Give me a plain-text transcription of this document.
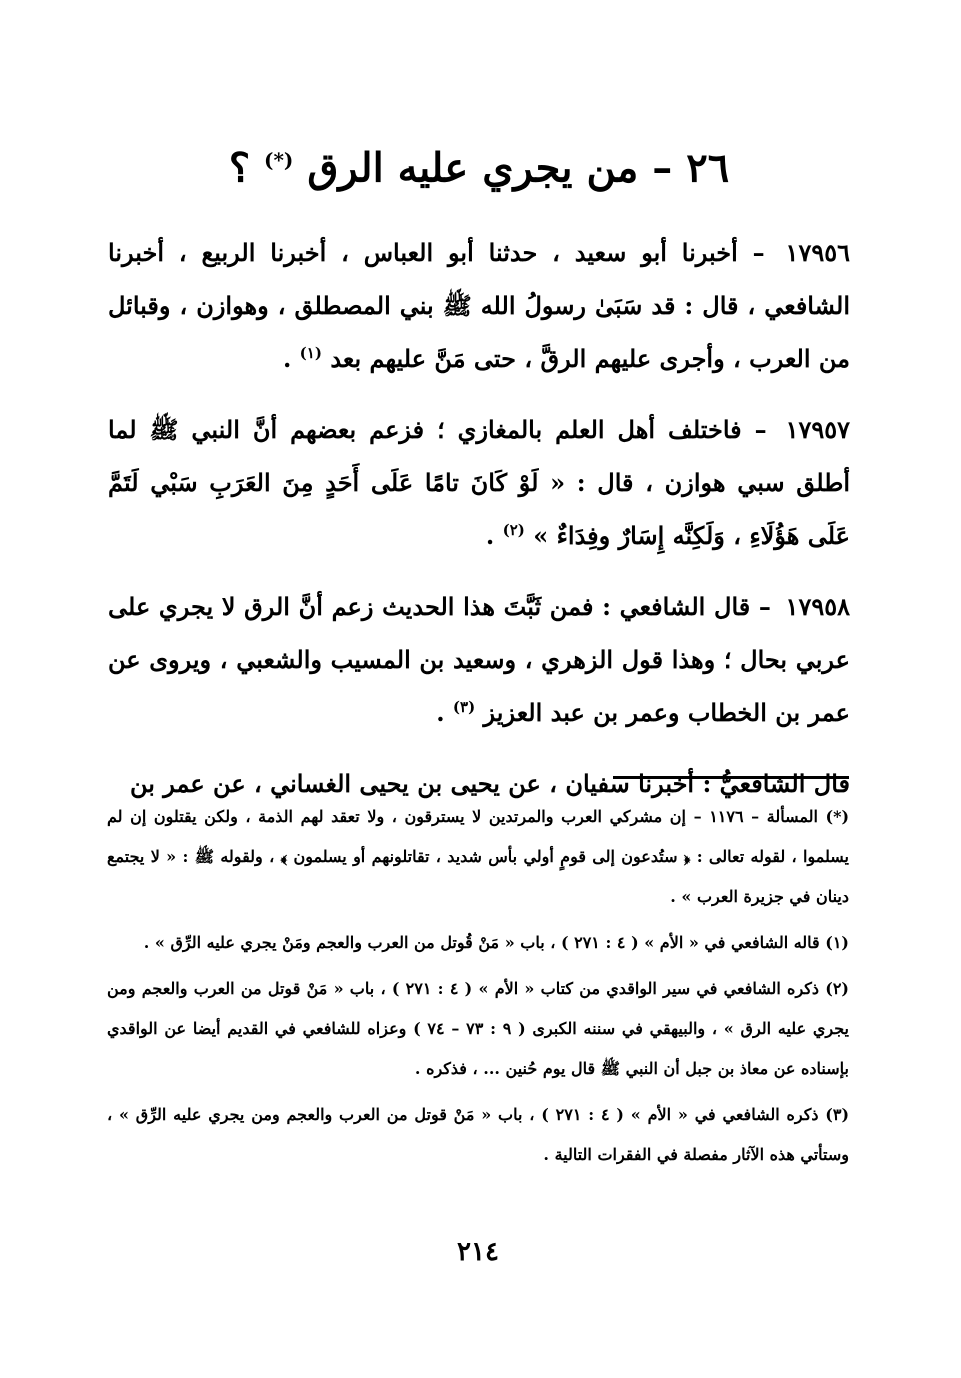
٢٦ – من يجري عليه الرق (*) ؟

١٧٩٥٦ – أخبرنا أبو سعيد ، حدثنا أبو العباس ، أخبرنا الربيع ، أخبرنا الشافعي ، قال : قد سَبَىٰ رسولُ الله ﷺ بني المصطلق ، وهوازن ، وقبائل من العرب ، وأجرى عليهم الرقَّ ، حتى مَنَّ عليهم بعد $^{(١)}$ .

١٧٩٥٧ – فاختلف أهل العلم بالمغازي ؛ فزعم بعضهم أنَّ النبي ﷺ لما أطلق سبي هوازن ، قال : « لَوْ كَانَ تامًا عَلَى أَحَدٍ مِنَ العَرَبِ سَبْي لَتَمَّ عَلَى هَؤُلَاءِ ، وَلَكِنَّه إِسَارٌ وفِدَاءٌ » $^{(٢)}$ .

١٧٩٥٨ – قال الشافعي : فمن ثَبَّتَ هذا الحديث زعم أنَّ الرق لا يجري على عربي بحال ؛ وهذا قول الزهري ، وسعيد بن المسيب والشعبي ، ويروى عن عمر بن الخطاب وعمر بن عبد العزيز $^{(٣)}$ .

قال الشافعيُّ : أخبرنا سفيان ، عن يحيى بن يحيى الغساني ، عن عمر بن

(*) المسألة – ١١٧٦ – إن مشركي العرب والمرتدين لا يسترقون ، ولا تعقد لهم الذمة ، ولكن يقتلون إن لم يسلموا ، لقوله تعالى : ﴿ ستُدعون إلى قومٍ أولي بأس شديد ، تقاتلونهم أو يسلمون ﴾ ، ولقوله ﷺ : « لا يجتمع دينان في جزيرة العرب » .

(١) قاله الشافعي في « الأم » ( ٤ : ٢٧١ ) ، باب « مَنْ قُوتل من العرب والعجم ومَنْ يجري عليه الرِّق » .

(٢) ذكره الشافعي في سير الواقدي من كتاب « الأم » ( ٤ : ٢٧١ ) ، باب « مَنْ قوتل من العرب والعجم ومن يجري عليه الرق » ، والبيهقي في سننه الكبرى ( ٩ : ٧٣ – ٧٤ ) وعزاه للشافعي في القديم أيضا عن الواقدي بإسناده عن معاذ بن جبل أن النبي ﷺ قال يوم حُنين ... ، فذكره .

(٣) ذكره الشافعي في « الأم » ( ٤ : ٢٧١ ) ، باب « مَنْ قوتل من العرب والعجم ومن يجري عليه الرِّق » ، وستأتي هذه الآثار مفصلة في الفقرات التالية .

٢١٤
